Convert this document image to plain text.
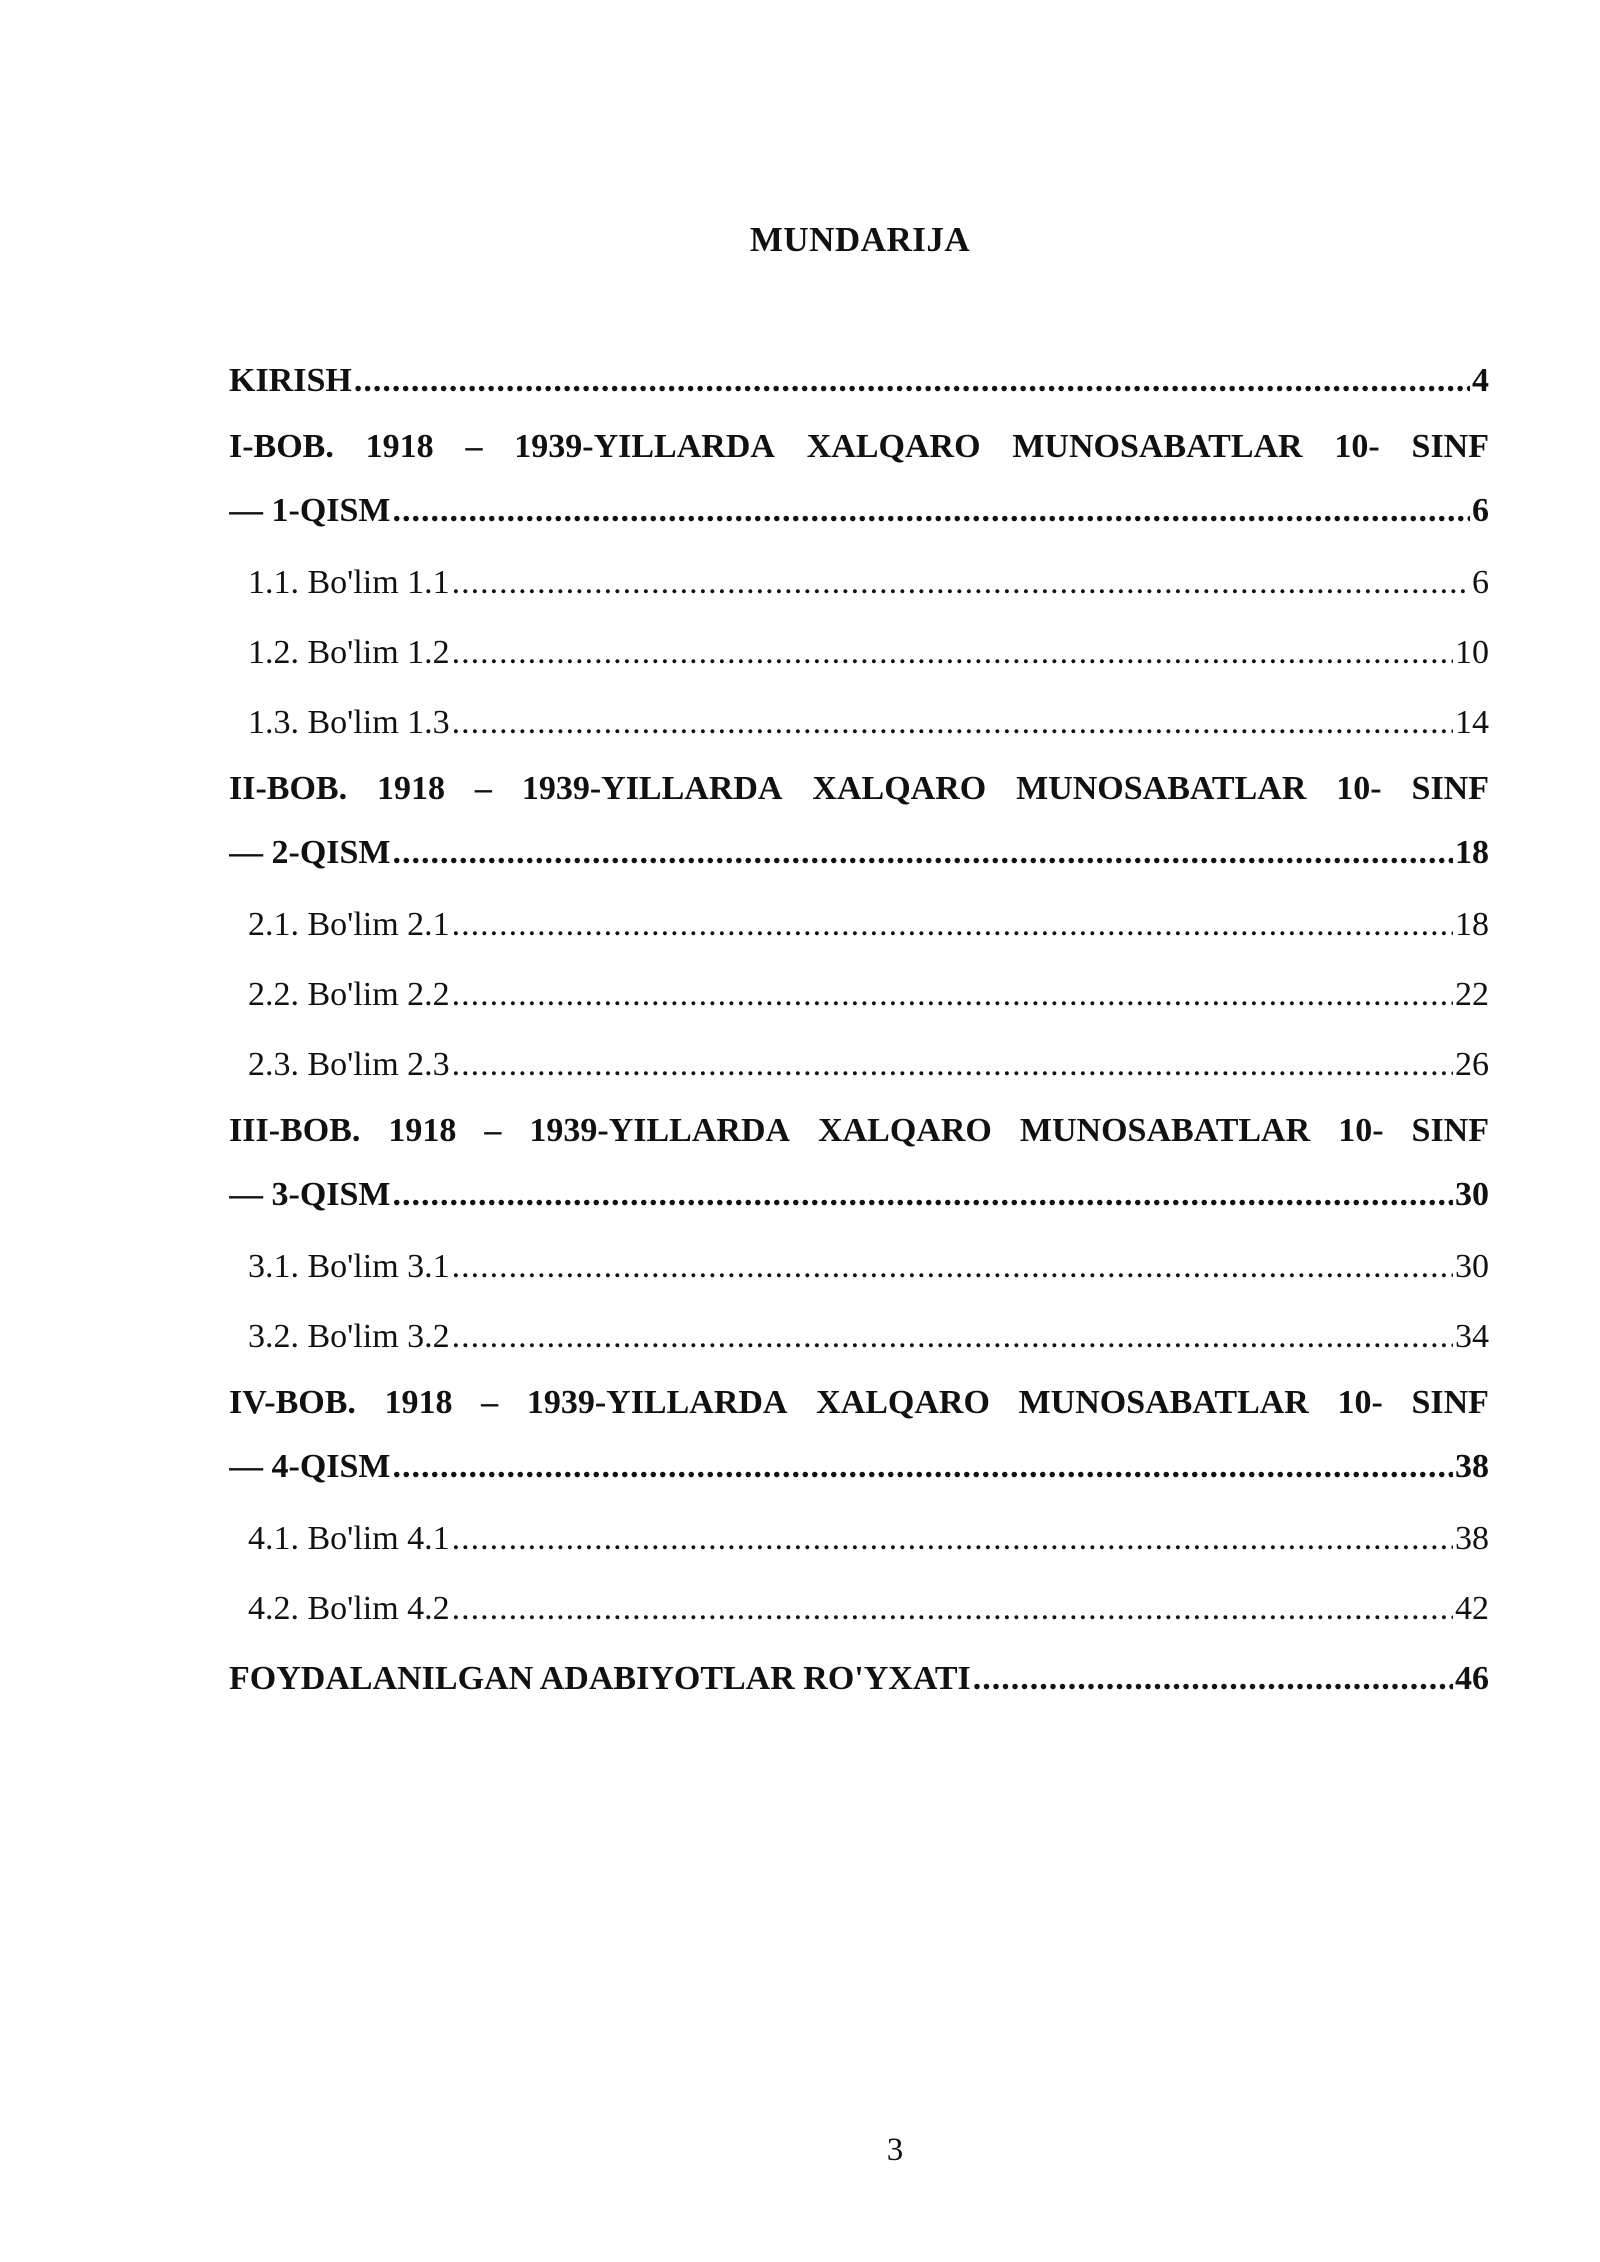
MUNDARIJA
KIRISH .....	4
I-BOB. 1918 – 1939-YILLARDA XALQARO MUNOSABATLAR 10- SINF
— 1-QISM .....	6
1.1. Bo'lim 1.1 .....	6
1.2. Bo'lim 1.2 .....	10
1.3. Bo'lim 1.3 .....	14
II-BOB. 1918 – 1939-YILLARDA XALQARO MUNOSABATLAR 10- SINF
— 2-QISM .....	18
2.1. Bo'lim 2.1 .....	18
2.2. Bo'lim 2.2 .....	22
2.3. Bo'lim 2.3 .....	26
III-BOB. 1918 – 1939-YILLARDA XALQARO MUNOSABATLAR 10- SINF
— 3-QISM .....	30
3.1. Bo'lim 3.1 .....	30
3.2. Bo'lim 3.2 .....	34
IV-BOB. 1918 – 1939-YILLARDA XALQARO MUNOSABATLAR 10- SINF
— 4-QISM .....	38
4.1. Bo'lim 4.1 .....	38
4.2. Bo'lim 4.2 .....	42
FOYDALANILGAN ADABIYOTLAR RO'YXATI .....	46
3
